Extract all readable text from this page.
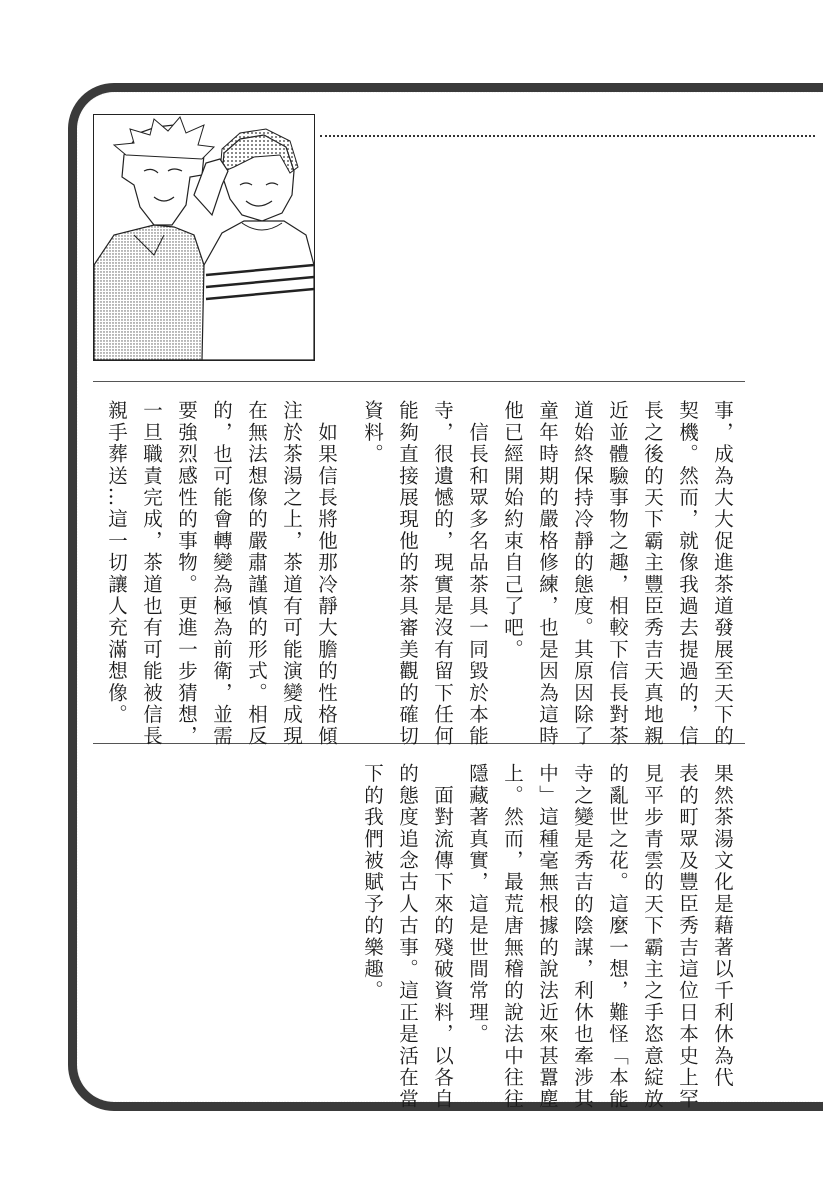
事，成為大大促進茶道發展至天下的
契機。然而，就像我過去提過的，信
長之後的天下霸主豐臣秀吉天真地親
近並體驗事物之趣，相較下信長對茶
道始終保持冷靜的態度。其原因除了
童年時期的嚴格修練，也是因為這時
他已經開始約束自己了吧。
　信長和眾多名品茶具一同毀於本能
寺，很遺憾的，現實是沒有留下任何
能夠直接展現他的茶具審美觀的確切
資料。
　如果信長將他那冷靜大膽的性格傾
注於茶湯之上，茶道有可能演變成現
在無法想像的嚴肅謹慎的形式。相反
的，也可能會轉變為極為前衛，並需
要強烈感性的事物。更進一步猜想，
一旦職責完成，茶道也有可能被信長
親手葬送…這一切讓人充滿想像。
果然茶湯文化是藉著以千利休為代
表的町眾及豐臣秀吉這位日本史上罕
見平步青雲的天下霸主之手恣意綻放
的亂世之花。這麼一想，難怪「本能
寺之變是秀吉的陰謀，利休也牽涉其
中」這種毫無根據的說法近來甚囂塵
上。然而，最荒唐無稽的說法中往往
隱藏著真實，這是世間常理。
　面對流傳下來的殘破資料，以各自
的態度追念古人古事。這正是活在當
下的我們被賦予的樂趣。
